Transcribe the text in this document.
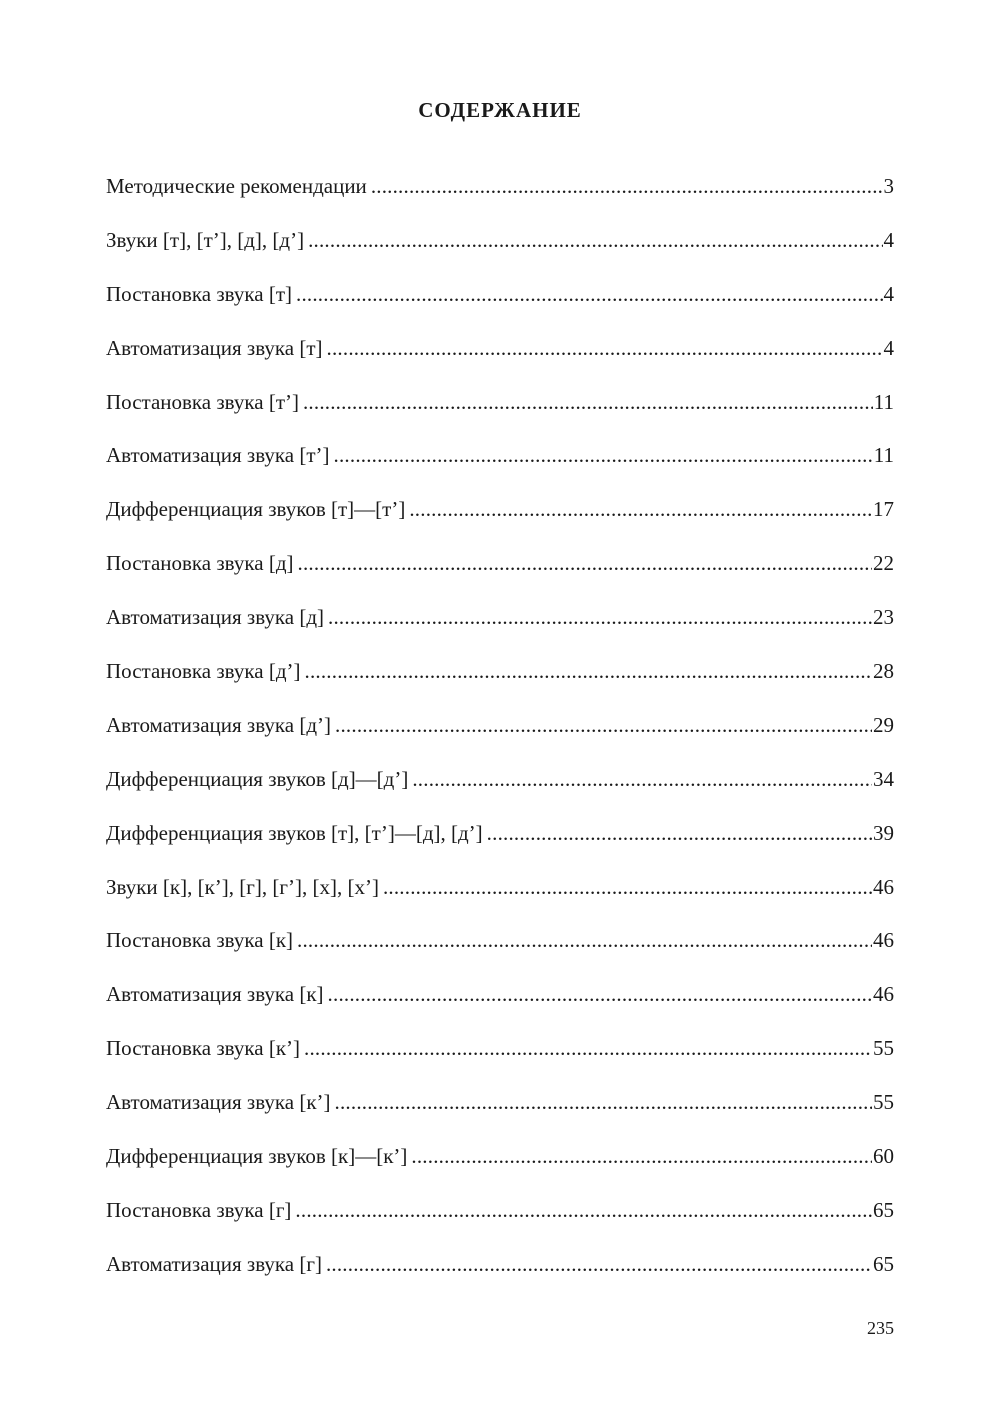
СОДЕРЖАНИЕ
Методические рекомендации .....	3
Звуки [т], [т’], [д], [д’] .....	4
Постановка звука [т] .....	4
Автоматизация звука [т] .....	4
Постановка звука [т’] .....	11
Автоматизация звука [т’] .....	11
Дифференциация звуков [т]—[т’] .....	17
Постановка звука [д] .....	22
Автоматизация звука [д] .....	23
Постановка звука [д’] .....	28
Автоматизация звука [д’] .....	29
Дифференциация звуков [д]—[д’] .....	34
Дифференциация звуков [т], [т’]—[д], [д’] .....	39
Звуки [к], [к’], [г], [г’], [х], [х’] .....	46
Постановка звука [к] .....	46
Автоматизация звука [к] .....	46
Постановка звука [к’] .....	55
Автоматизация звука [к’] .....	55
Дифференциация звуков [к]—[к’] .....	60
Постановка звука [г] .....	65
Автоматизация звука [г] .....	65
235
